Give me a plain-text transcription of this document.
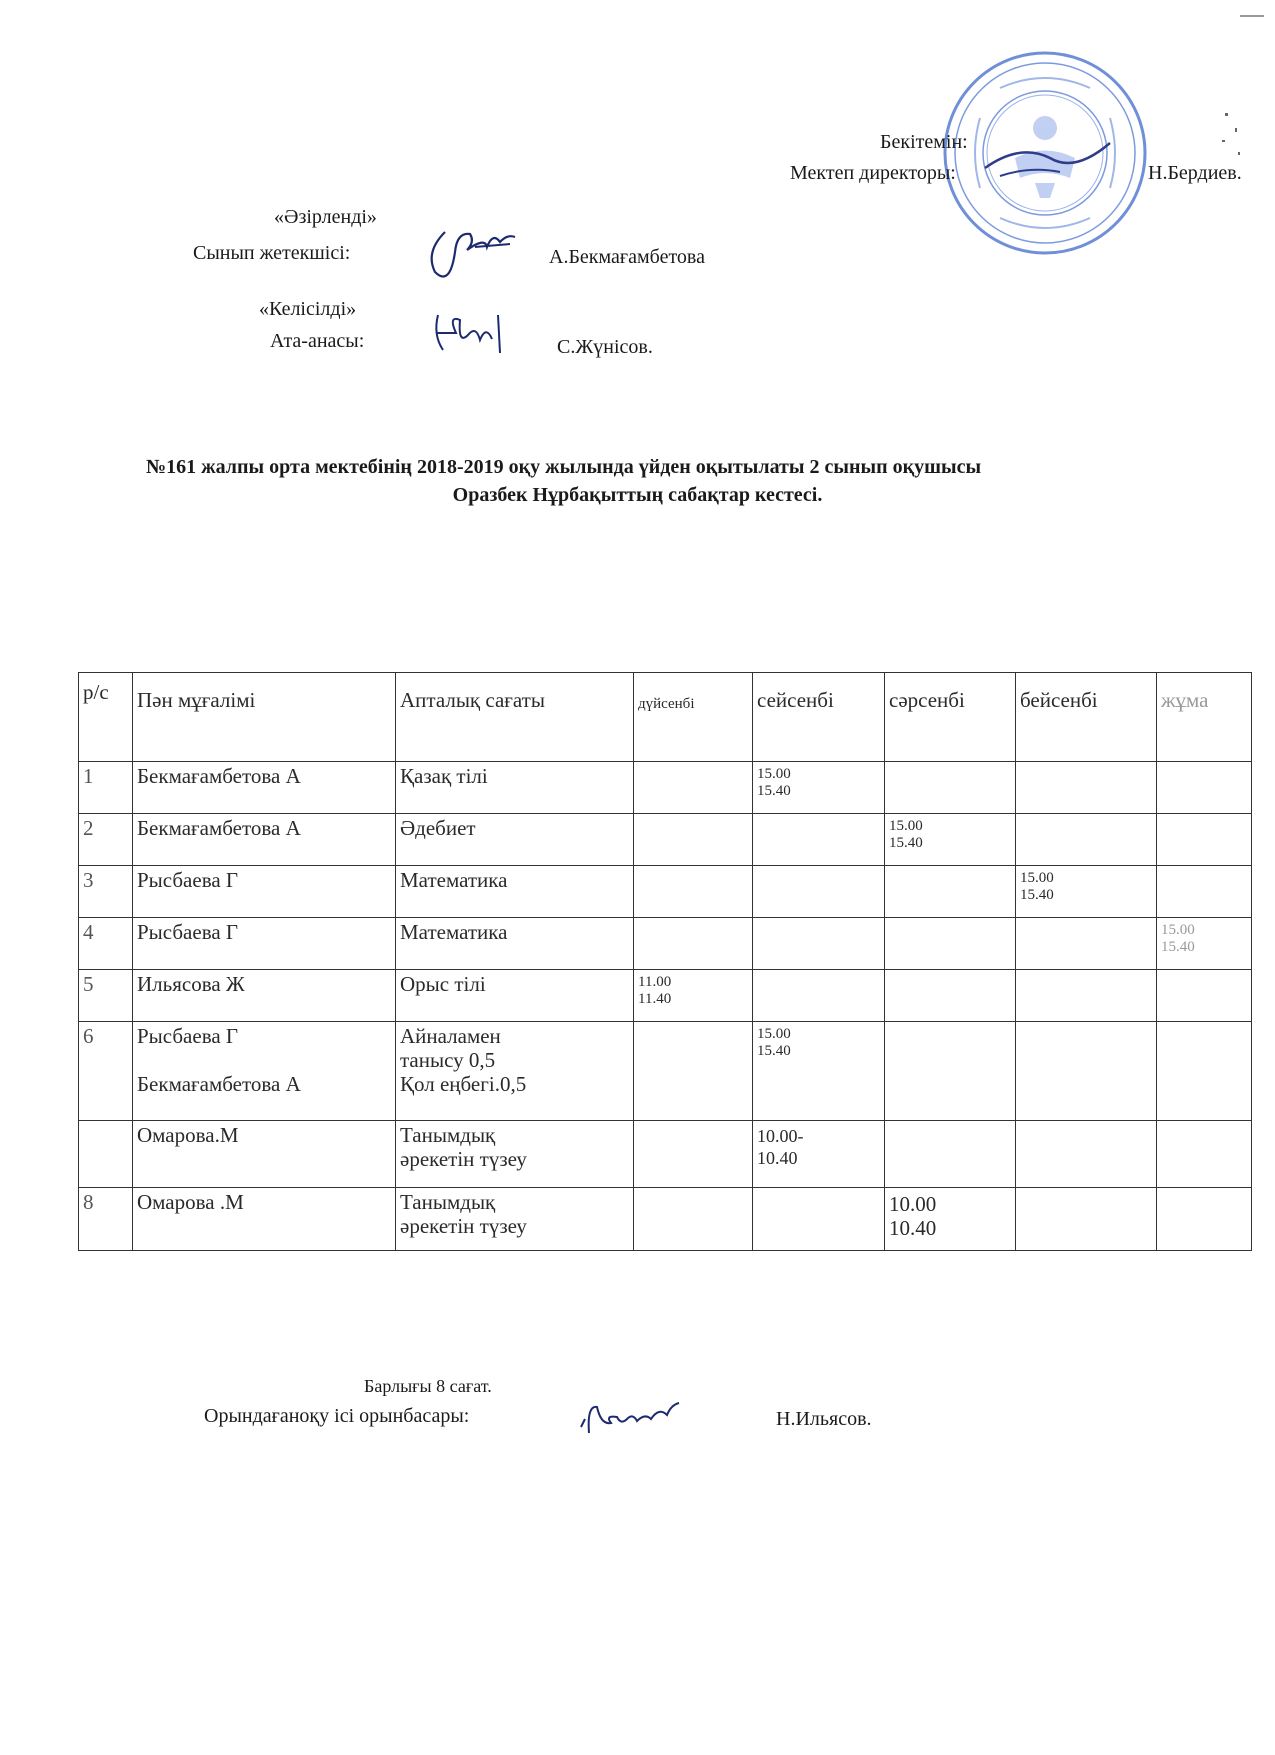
Бекітемін:
Мектеп директоры:	Н.Бердиев.
«Әзірленді»
Сынып жетекшісі:	А.Бекмағамбетова
«Келісілді»
Ата-анасы:	С.Жүнісов.
№161 жалпы орта мектебінің 2018-2019 оқу жылында үйден оқытылаты 2 сынып оқушысы
Оразбек Нұрбақыттың сабақтар кестесі.
р/с	Пән мұғалімі	Апталық сағаты	дүйсенбі	сейсенбі	сәрсенбі	бейсенбі	жұма
1	Бекмағамбетова А	Қазақ тілі		15.00
15.40			
2	Бекмағамбетова А	Әдебиет			15.00
15.40		
3	Рысбаева Г	Математика				15.00
15.40	
4	Рысбаева Г	Математика					15.00
15.40
5	Ильясова Ж	Орыс тілі	11.00
11.40				
6	Рысбаева Г

Бекмағамбетова А	Айналамен
танысу 0,5
Қол еңбегі.0,5		15.00
15.40			
	Омарова.М	Танымдық
әрекетін түзеу		10.00-
10.40			
8	Омарова .М	Танымдық
әрекетін түзеу			10.00
10.40		
Барлығы 8 сағат.
Орындағаноқу ісі орынбасары:	Н.Ильясов.
